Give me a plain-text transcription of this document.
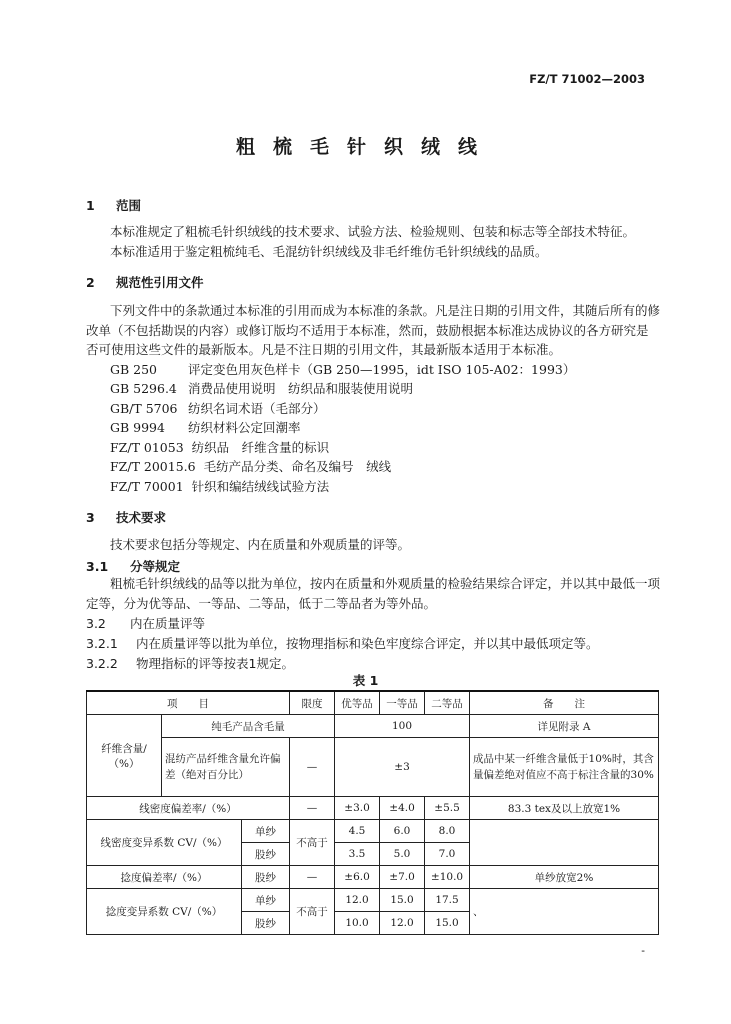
FZ/T 71002—2003
粗梳毛针织绒线
1 范围
本标准规定了粗梳毛针织绒线的技术要求、试验方法、检验规则、包装和标志等全部技术特征。
本标准适用于鉴定粗梳纯毛、毛混纺针织绒线及非毛纤维仿毛针织绒线的品质。
2 规范性引用文件
下列文件中的条款通过本标准的引用而成为本标准的条款。凡是注日期的引用文件，其随后所有的修改单（不包括勘误的内容）或修订版均不适用于本标准，然而，鼓励根据本标准达成协议的各方研究是否可使用这些文件的最新版本。凡是不注日期的引用文件，其最新版本适用于本标准。
GB 250 评定变色用灰色样卡（GB 250—1995，idt ISO 105-A02：1993）
GB 5296.4 消费品使用说明　纺织品和服装使用说明
GB/T 5706 纺织名词术语（毛部分）
GB 9994 纺织材料公定回潮率
FZ/T 01053 纺织品　纤维含量的标识
FZ/T 20015.6 毛纺产品分类、命名及编号　绒线
FZ/T 70001 针织和编结绒线试验方法
3 技术要求
技术要求包括分等规定、内在质量和外观质量的评等。
3.1 分等规定
粗梳毛针织绒线的品等以批为单位，按内在质量和外观质量的检验结果综合评定，并以其中最低一项定等，分为优等品、一等品、二等品，低于二等品者为等外品。
3.2 内在质量评等
3.2.1 内在质量评等以批为单位，按物理指标和染色牢度综合评定，并以其中最低项定等。
3.2.2 物理指标的评等按表1规定。
表 1
项　　目			限度	优等品	一等品	二等品	备　　注
纤维含量/（%）	纯毛产品含毛量			100			详见附录 A
	混纺产品纤维含量允许偏差（绝对百分比）		—	±3			成品中某一纤维含量低于10%时，其含量偏差绝对值应不高于标注含量的30%
线密度偏差率/（%）			—	±3.0	±4.0	±5.5	83.3 tex及以上放宽1%
线密度变异系数 CV/（%）		单纱	不高于	4.5	6.0	8.0	
		股纱		3.5	5.0	7.0	
捻度偏差率/（%）		股纱	—	±6.0	±7.0	±10.0	单纱放宽2%
捻度变异系数 CV/（%）		单纱	不高于	12.0	15.0	17.5	、
		股纱		10.0	12.0	15.0	
-
